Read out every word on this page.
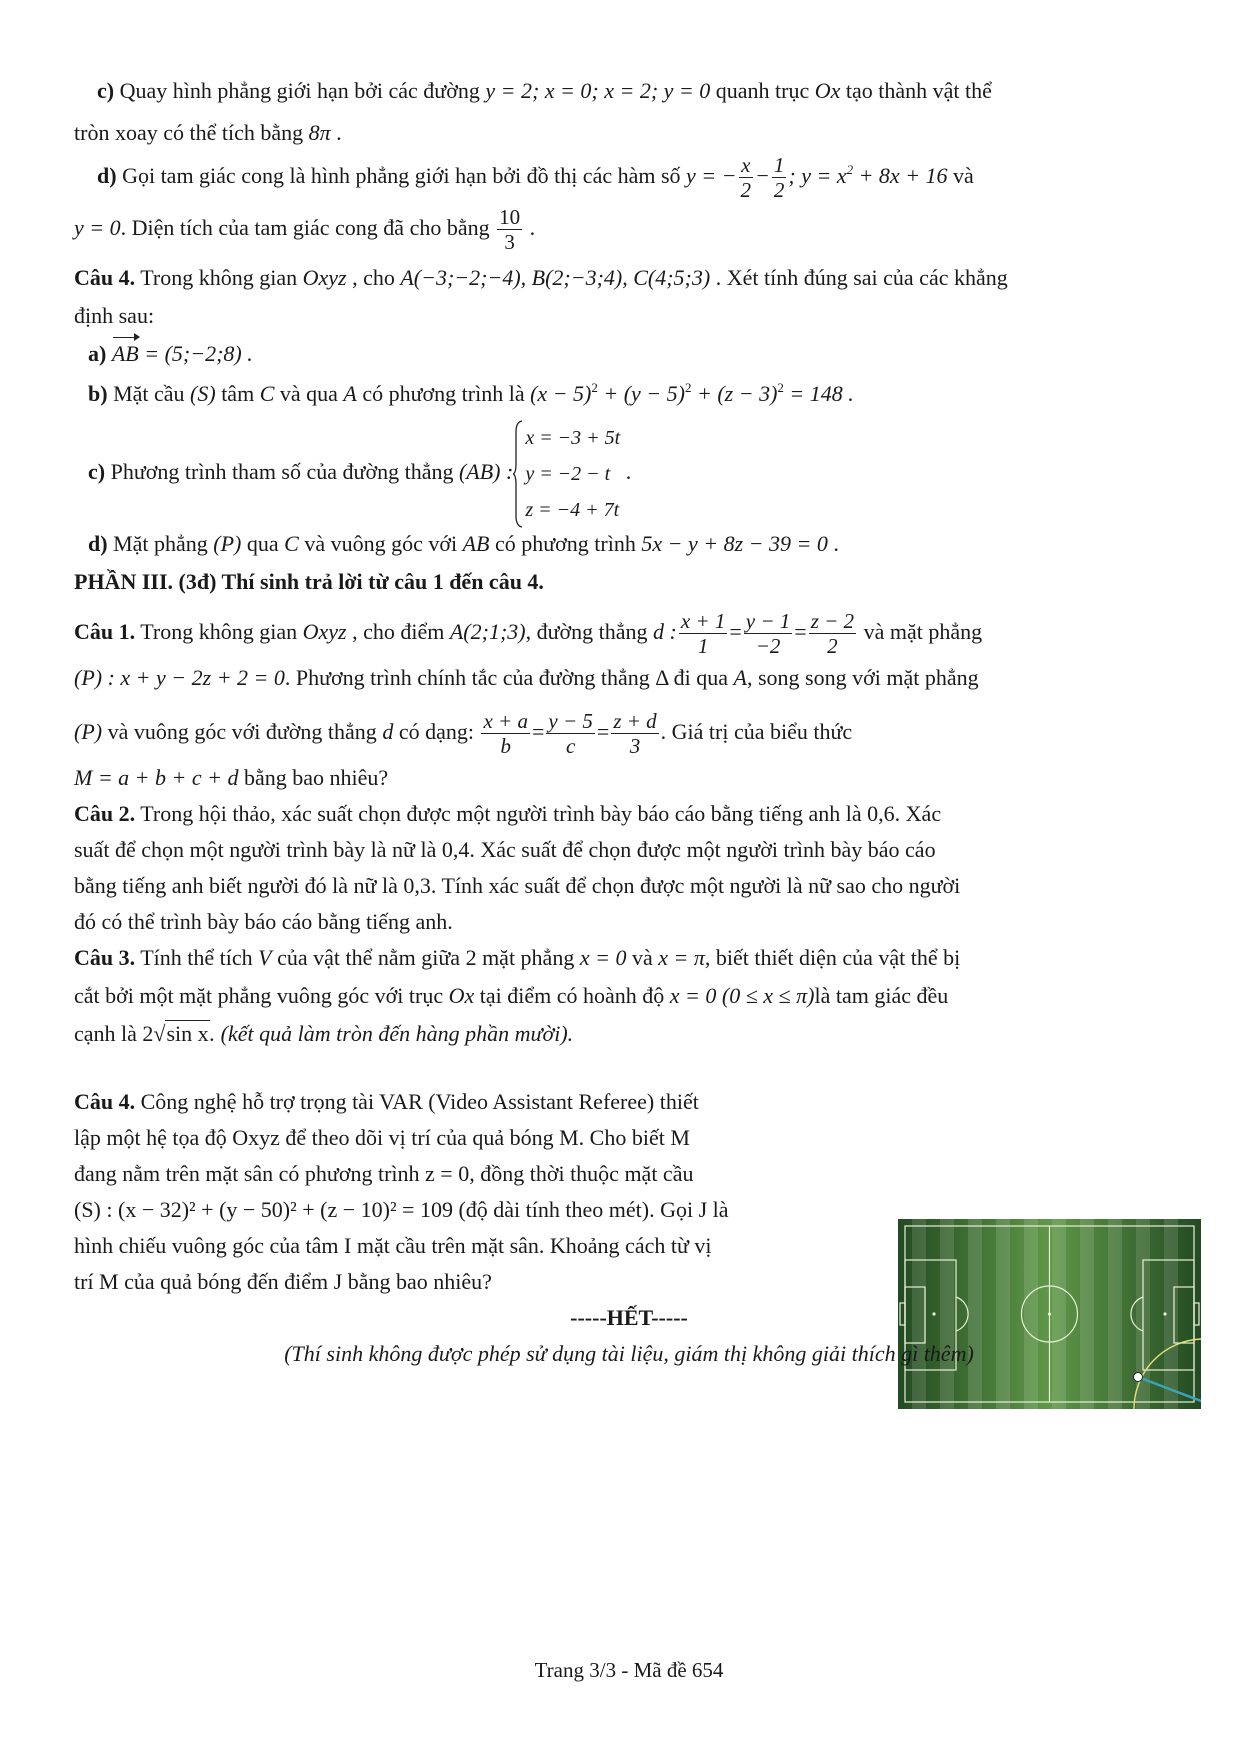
c) Quay hình phẳng giới hạn bởi các đường y = 2; x = 0; x = 2; y = 0 quanh trục Ox tạo thành vật thể
tròn xoay có thể tích bằng 8π .
d) Gọi tam giác cong là hình phẳng giới hạn bởi đồ thị các hàm số y = − $\frac{x}{2} - \frac{1}{2}$ ; $y = x^2 + 8x + 16$ và
y = 0. Diện tích của tam giác cong đã cho bằng $\frac{10}{3}$ .
Câu 4. Trong không gian Oxyz , cho A(−3;−2;−4), B(2;−3;4), C(4;5;3) . Xét tính đúng sai của các khẳng
định sau:
a) AB = (5;−2;8) .
b) Mặt cầu (S) tâm C và qua A có phương trình là $(x - 5)^2 + (y - 5)^2 + (z - 3)^2 = 148$ .
c) Phương trình tham số của đường thẳng (AB) :
x = −3 + 5t
y = −2 − t
z = −4 + 7t
.
d) Mặt phẳng (P) qua C và vuông góc với AB có phương trình 5x − y + 8z − 39 = 0 .
PHẦN III. (3đ) Thí sinh trả lời từ câu 1 đến câu 4.
Câu 1. Trong không gian Oxyz , cho điểm A(2;1;3), đường thẳng d : $\frac{x + 1}{1} = \frac{y - 1}{-2} = \frac{z - 2}{2}$ và mặt phẳng
(P) : x + y − 2z + 2 = 0. Phương trình chính tắc của đường thẳng Δ đi qua A, song song với mặt phẳng
(P) và vuông góc với đường thẳng d có dạng: $\frac{x + a}{b} = \frac{y - 5}{c} = \frac{z + d}{3}$ . Giá trị của biểu thức
M = a + b + c + d bằng bao nhiêu?
Câu 2. Trong hội thảo, xác suất chọn được một người trình bày báo cáo bằng tiếng anh là 0,6. Xác
suất để chọn một người trình bày là nữ là 0,4. Xác suất để chọn được một người trình bày báo cáo
bằng tiếng anh biết người đó là nữ là 0,3. Tính xác suất để chọn được một người là nữ sao cho người
đó có thể trình bày báo cáo bằng tiếng anh.
Câu 3. Tính thể tích V của vật thể nằm giữa 2 mặt phẳng x = 0 và x = π, biết thiết diện của vật thể bị
cắt bởi một mặt phẳng vuông góc với trục Ox tại điểm có hoành độ x = 0 (0 ≤ x ≤ π)là tam giác đều
cạnh là 2√sin x. (kết quả làm tròn đến hàng phần mười).
Câu 4. Công nghệ hỗ trợ trọng tài VAR (Video Assistant Referee) thiết
lập một hệ tọa độ Oxyz để theo dõi vị trí của quả bóng M. Cho biết M
đang nằm trên mặt sân có phương trình z = 0, đồng thời thuộc mặt cầu
(S) : (x − 32)² + (y − 50)² + (z − 10)² = 109 (độ dài tính theo mét). Gọi J là
hình chiếu vuông góc của tâm I mặt cầu trên mặt sân. Khoảng cách từ vị
trí M của quả bóng đến điểm J bằng bao nhiêu?
-----HẾT-----
(Thí sinh không được phép sử dụng tài liệu, giám thị không giải thích gì thêm)
Trang 3/3 - Mã đề 654
